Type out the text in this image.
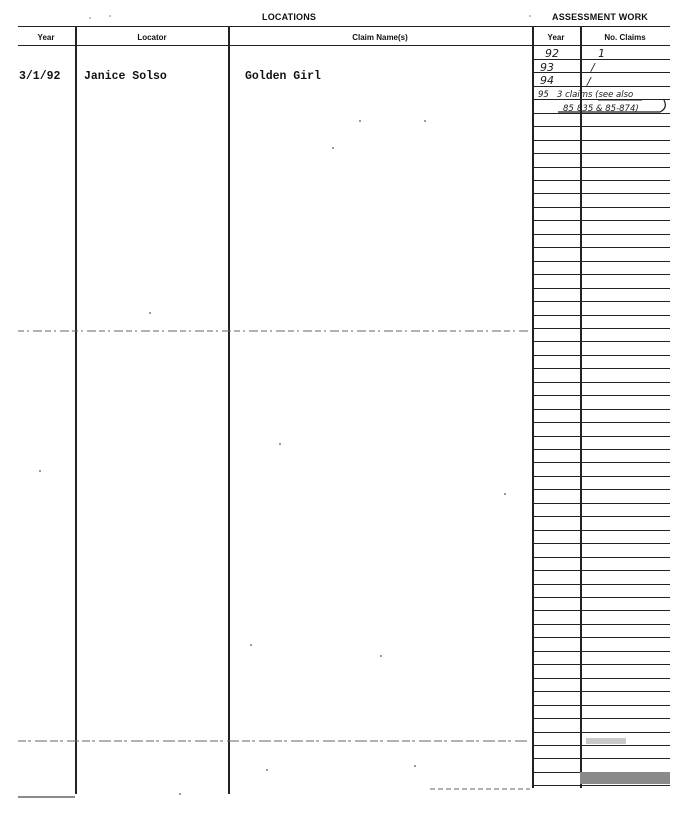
LOCATIONS	ASSESSMENT WORK
Year	Locator	Claim Name(s)	Year	No. Claims
3/1/92 Janice Solso	Golden Girl
92	1
93	/
94	/
95 3 claims (see also
85 835 & 85-874)
